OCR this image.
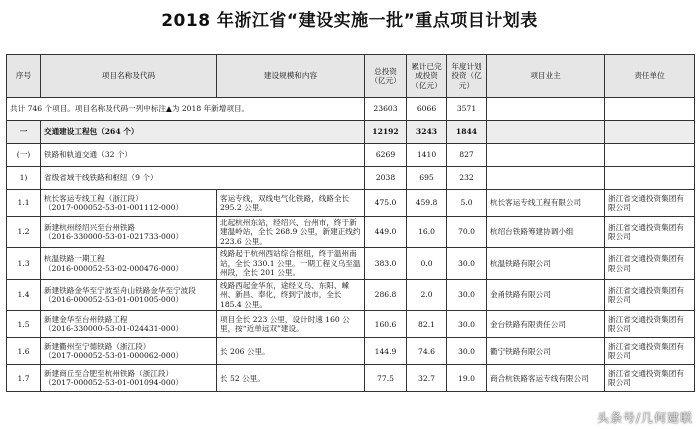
2018 年浙江省“建设实施一批”重点项目计划表
序号	项目名称及代码	建设规模和内容	总投资（亿元）	累计已完成投资（亿元）	年度计划投资（亿元）	项目业主	责任单位
共计 746 个项目。项目名称及代码一列中标注▲为 2018 年新增项目。			23603	6066	3571		
一	交通建设工程包（264 个）		12192	3243	1844		
(一)	铁路和轨道交通（32 个）		6269	1410	827		
1)	省级省域干线铁路和枢纽（9 个）		2038	695	232		
1.1	杭长客运专线工程（浙江段）
（2017-000052-53-01-001112-000）	客运专线，双线电气化铁路，线路全长 295.2 公里。	475.0	459.8	5.0	杭长客运专线工程有限公司	浙江省交通投资集团有限公司
1.2	新建杭州经绍兴至台州铁路
（2016-330000-53-01-021733-000）	北起杭州东站，经绍兴、台州市，终于新建温岭站，全长 268.9 公里，新建正线约 223.6 公里。	449.0	16.0	70.0	杭绍台铁路筹建协调小组	浙江省交通投资集团有限公司
1.3	杭温铁路一期工程
（2016-000052-53-02-000476-000）	线路起于杭州西站综合枢纽，终于温州南站，全长 330.1 公里。一期工程义乌至温州段，全长 201 公里。	383.0	0.0	30.0	杭温铁路有限公司	浙江省交通投资集团有限公司
1.4	新建铁路金华至宁波至舟山铁路金华至宁波段
（2016-000052-53-01-001005-000）	线路西起金华东，途经义乌、东阳、嵊州、新昌、奉化，终到宁波市，全长 185.4 公里。	286.8	2.0	30.0	金甬铁路有限公司	浙江省交通投资集团有限公司
1.5	新建金华至台州铁路工程
（2016-330000-53-01-024431-000）	项目全长 223 公里，设计时速 160 公里，按“近单远双”建设。	160.6	82.1	30.0	金台铁路有限责任公司	浙江省交通投资集团有限公司
1.6	新建衢州至宁德铁路（浙江段）
（2017-000052-53-01-000062-000）	长 206 公里。	144.9	74.6	30.0	衢宁铁路有限公司	浙江省交通投资集团有限公司
1.7	新建商丘至合肥至杭州铁路（浙江段）
（2017-000052-53-01-001094-000）	长 52 公里。	77.5	32.7	19.0	商合杭铁路客运专线有限公司	浙江省交通投资集团有限公司
头条号/几何建联
